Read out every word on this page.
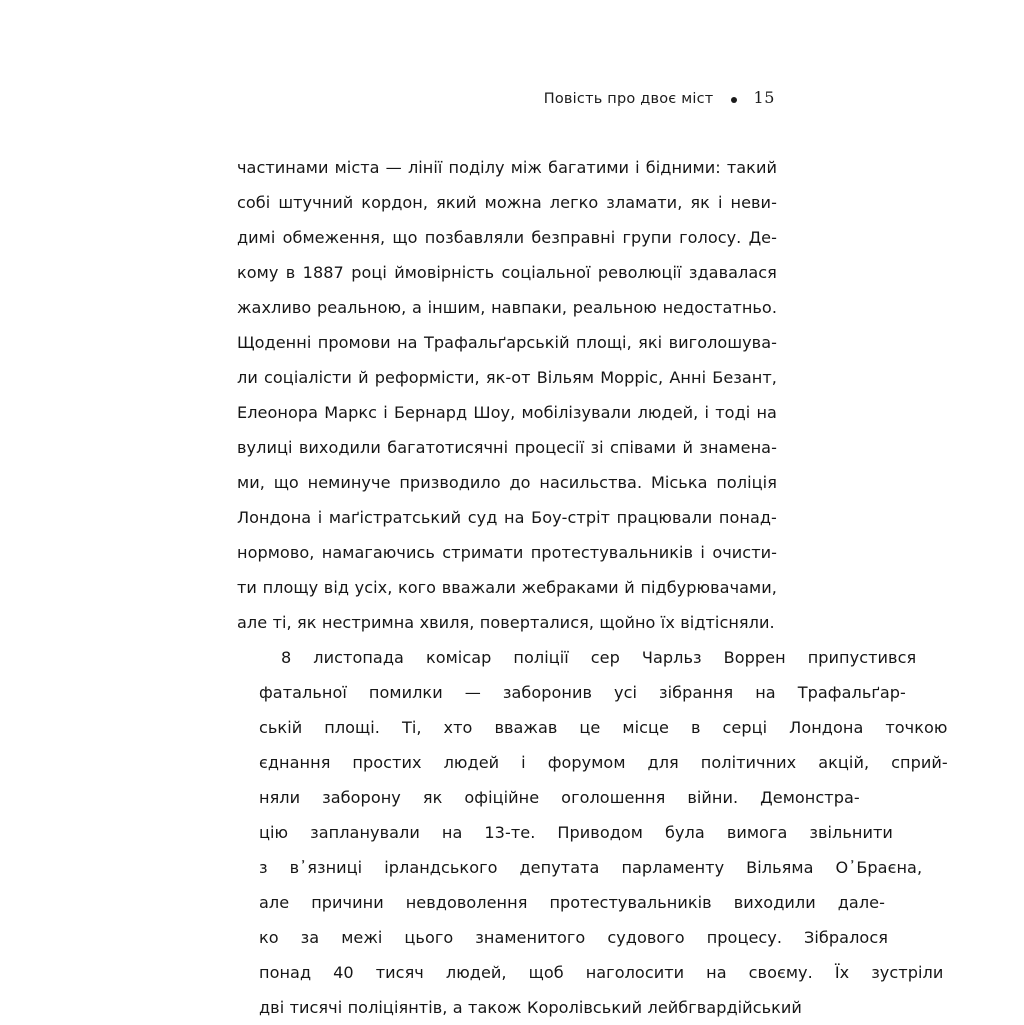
Повість про двоє міст	15

частинами міста — лінії поділу між багатими і бідними: такий
собі штучний кордон, який можна легко зламати, як і неви-
димі обмеження, що позбавляли безправні групи голосу. Де-
кому в 1887 році ймовірність соціальної революції здавалася
жахливо реальною, а іншим, навпаки, реальною недостатньо.
Щоденні промови на Трафальґарській площі, які виголошува-
ли соціалісти й реформісти, як-от Вільям Морріс, Анні Безант,
Елеонора Маркс і Бернард Шоу, мобілізували людей, і тоді на
вулиці виходили багатотисячні процесії зі співами й знамена-
ми, що неминуче призводило до насильства. Міська поліція
Лондона і маґістратський суд на Боу-стріт працювали понад-
нормово, намагаючись стримати протестувальників і очисти-
ти площу від усіх, кого вважали жебраками й підбурювачами,
але ті, як нестримна хвиля, поверталися, щойно їх відтісняли.

8	листопада	комісар	поліції	сер	Чарльз	Воррен	припустився
фатальної	помилки	—	заборонив	усі	зібрання	на	Трафальґар-
ській	площі.	Ті,	хто	вважав	це	місце	в	серці	Лондона	точкою
єднання	простих	людей	і	форумом	для	політичних	акцій,	сприй-
няли	заборону	як	офіційне	оголошення	війни.	Демонстра-
цію	запланували	на	13-те.	Приводом	була	вимога	звільнити
з	в᾿язниці	ірландського	депутата	парламенту	Вільяма	О᾿Браєна,
але	причини	невдоволення	протестувальників	виходили	дале-
ко	за	межі	цього	знаменитого	судового	процесу.	Зібралося
понад	40	тисяч	людей,	щоб	наголосити	на	своєму.	Їх	зустріли
дві тисячі поліціянтів, а також Королівський лейбгвардійський
